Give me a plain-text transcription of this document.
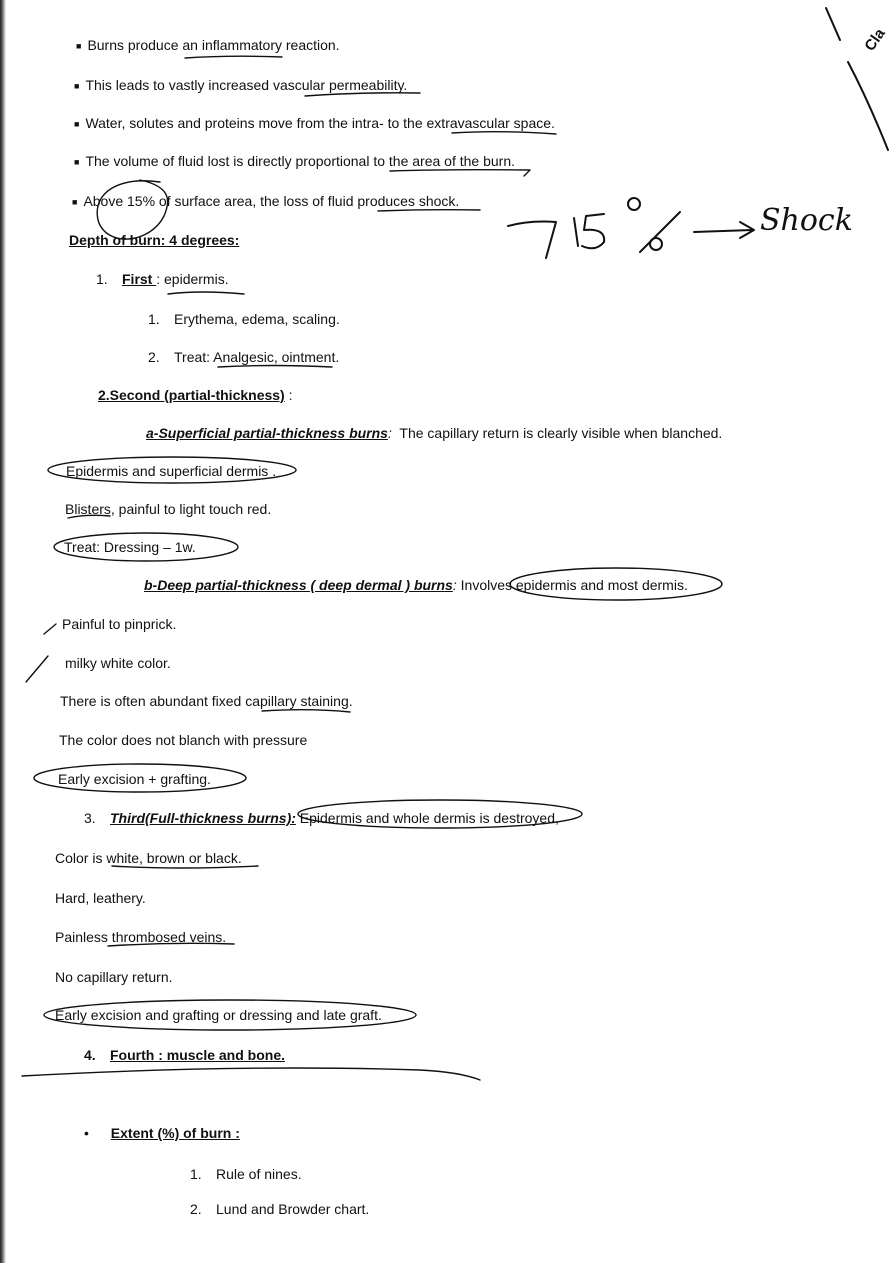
■ Burns produce an inflammatory reaction.
■ This leads to vastly increased vascular permeability.
■ Water, solutes and proteins move from the intra- to the extravascular space.
■ The volume of fluid lost is directly proportional to the area of the burn.
■ Above 15% of surface area, the loss of fluid produces shock.
Depth of burn: 4 degrees:
1. First : epidermis.
1. Erythema, edema, scaling.
2. Treat: Analgesic, ointment.
2.Second (partial-thickness) :
a-Superficial partial-thickness burns: The capillary return is clearly visible when blanched.
Epidermis and superficial dermis .
Blisters, painful to light touch red.
Treat: Dressing – 1w.
b-Deep partial-thickness ( deep dermal ) burns: Involves epidermis and most dermis.
Painful to pinprick.
milky white color.
There is often abundant fixed capillary staining.
The color does not blanch with pressure
Early excision + grafting.
3. Third(Full-thickness burns): Epidermis and whole dermis is destroyed,
Color is white, brown or black.
Hard, leathery.
Painless thrombosed veins.
No capillary return.
Early excision and grafting or dressing and late graft.
4. Fourth : muscle and bone.
• Extent (%) of burn :
1. Rule of nines.
2. Lund and Browder chart.
Cla
Shock
